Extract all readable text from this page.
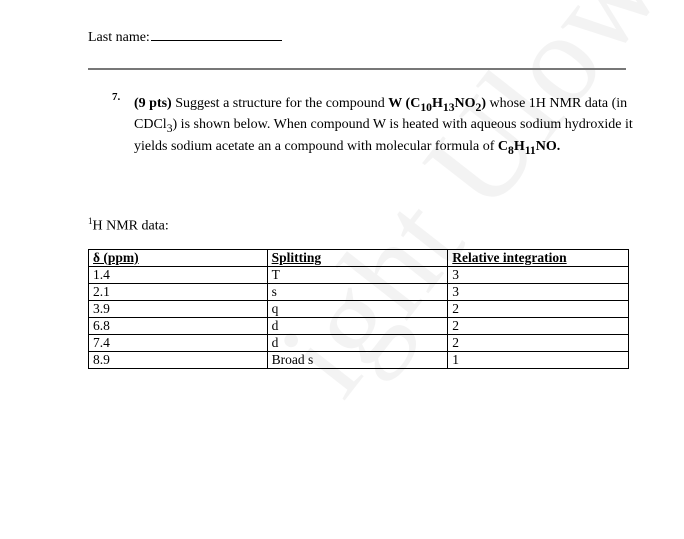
Last name:
7. (9 pts) Suggest a structure for the compound W $(C_{10}H_{13}NO_2)$ whose 1H NMR data (in CDCl$_3$) is shown below. When compound W is heated with aqueous sodium hydroxide it yields sodium acetate an a compound with molecular formula of $C_8H_{11}NO$.
$^1$H NMR data:
δ (ppm)	Splitting	Relative integration
1.4	T	3
2.1	s	3
3.9	q	2
6.8	d	2
7.4	d	2
8.9	Broad s	1
